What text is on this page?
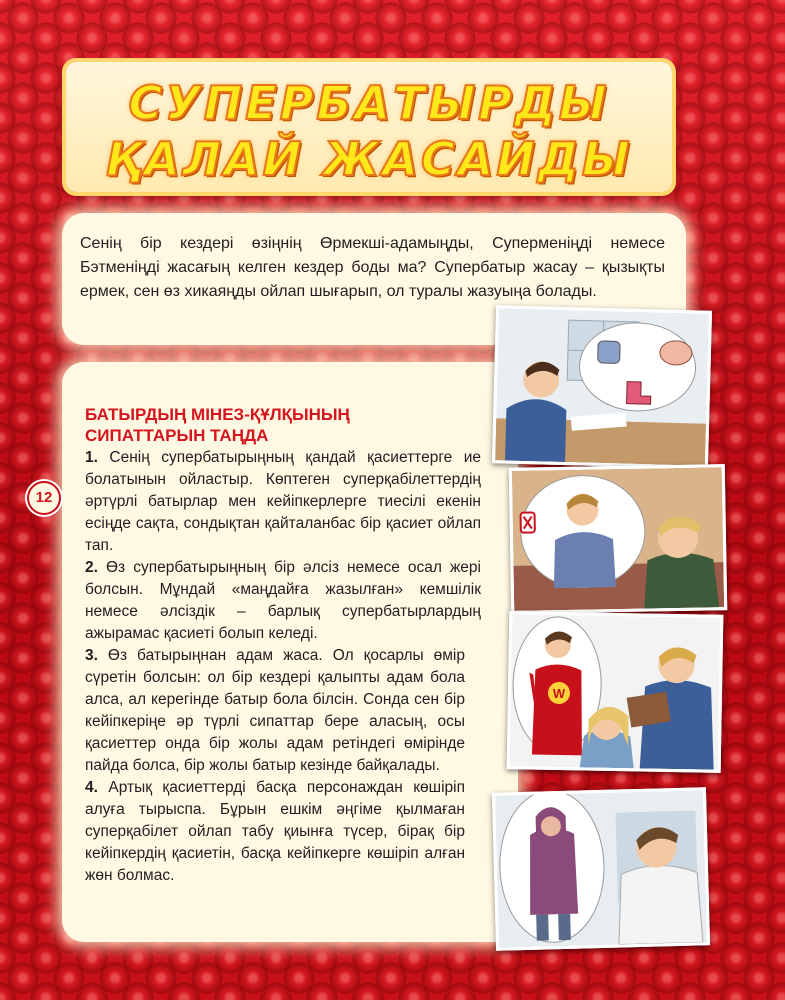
СУПЕРБАТЫРДЫ
ҚАЛАЙ ЖАСАЙДЫ
Сенің бір кездері өзіңнің Өрмекші-адамыңды, Суперменіңді немесе Бэтменіңді жасағың келген кездер боды ма? Супербатыр жасау – қызықты ермек, сен өз хикаяңды ойлап шығарып, ол туралы жазуыңа болады.
БАТЫРДЫҢ МІНЕЗ-ҚҰЛҚЫНЫҢ
СИПАТТАРЫН ТАҢДА

1. Сенің супербатырыңның қандай қасиеттерге ие болатынын ойластыр. Көптеген суперқабілеттердің әртүрлі батырлар мен кейіпкерлерге тиесілі екенін есіңде сақта, сондықтан қайталанбас бір қасиет ойлап тап.

2. Өз супербатырыңның бір әлсіз немесе осал жері болсын. Мұндай «маңдайға жазылған» кемшілік немесе әлсіздік – барлық супербатырлардың ажырамас қасиеті болып келеді.

3. Өз батырыңнан адам жаса. Ол қосарлы өмір сүретін болсын: ол бір кездері қалыпты адам бола алса, ал керегінде батыр бола білсін. Сонда сен бір кейіпкеріңе әр түрлі сипаттар бере аласың, осы қасиеттер онда бір жолы адам ретіндегі өмірінде пайда болса, бір жолы батыр кезінде байқалады.

4. Артық қасиеттерді басқа персонаждан көшіріп алуға тырыспа. Бұрын ешкім әңгіме қылмаған суперқабілет ойлап табу қиынға түсер, бірақ бір кейіпкердің қасиетін, басқа кейіпкерге көшіріп алған жөн болмас.

12
W
